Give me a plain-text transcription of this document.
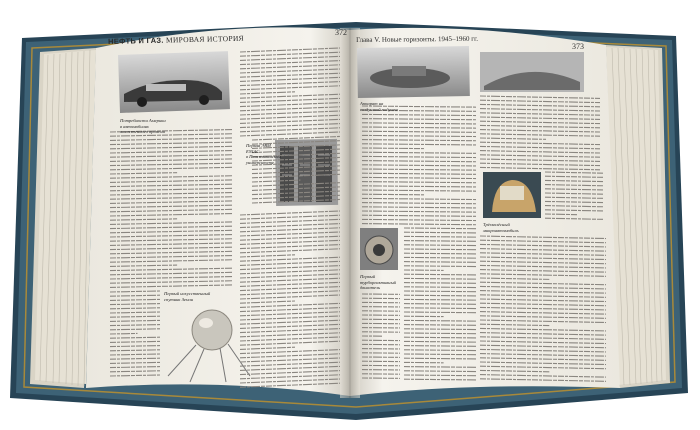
НЕФТЬ И ГАЗ. МИРОВАЯ ИСТОРИЯ
372
Глава V. Новые горизонты. 1945–1960 гг.
373
Потребности Америки
в автомобилях
послевоенного времени
Первая ЭВМ
ENIAC
в Пенсильванском
университете
Первый искусственный
спутник Земли
Аппарат на
воздушной подушке
Первый
турбореактивный
двигатель
Трёхколёсный
микроавтомобиль
